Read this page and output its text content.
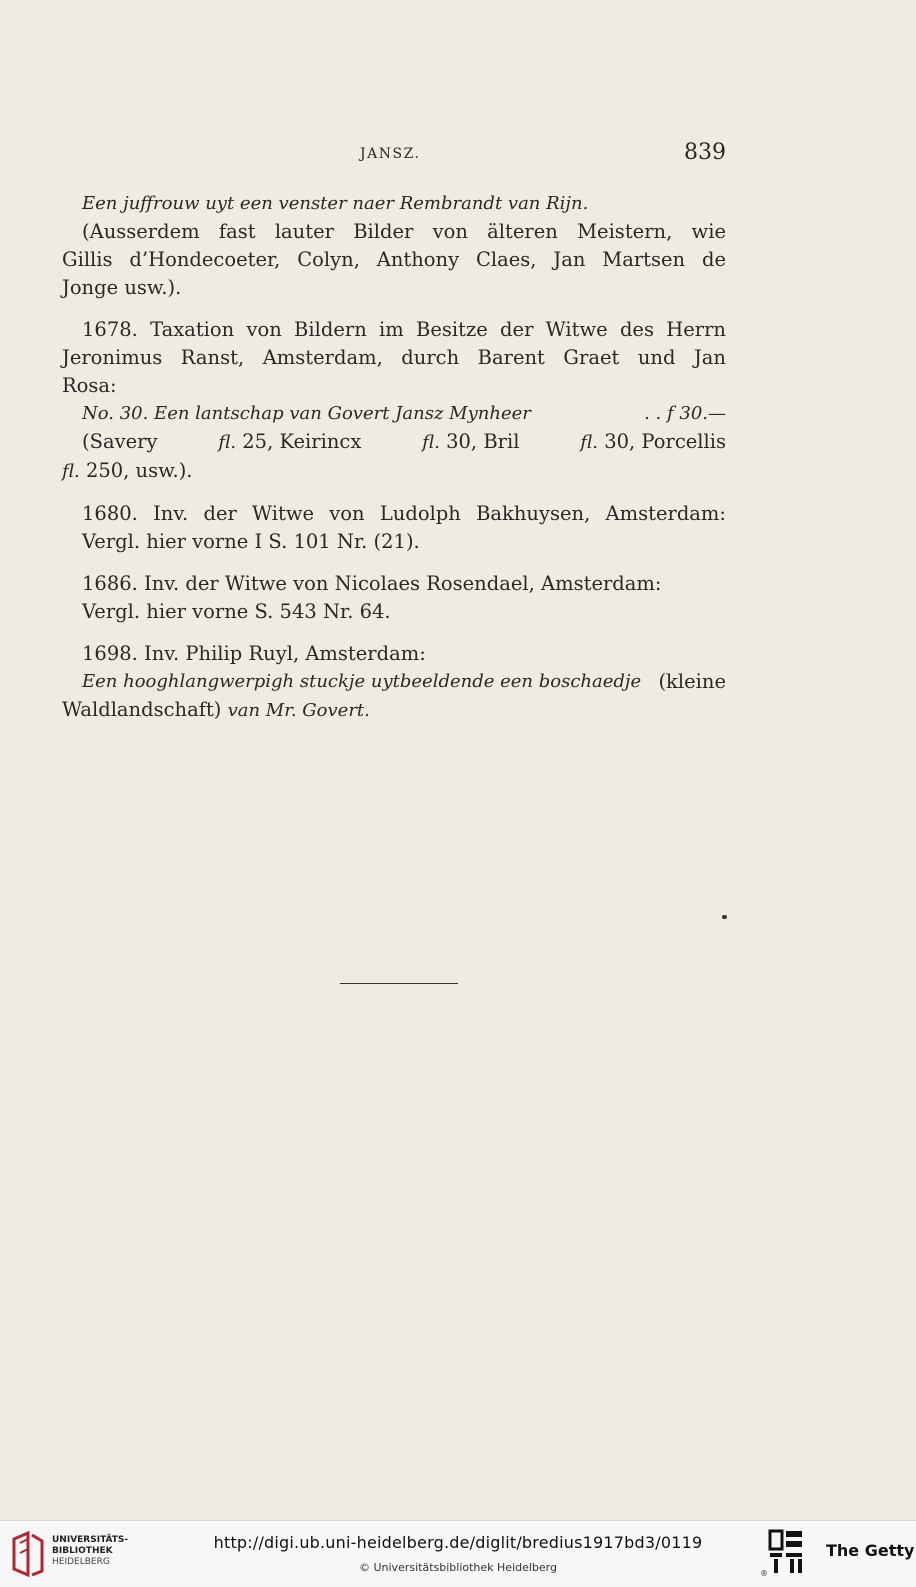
JANSZ.	839
Een juffrouw uyt een venster naer Rembrandt van Rijn.
(Ausserdem fast lauter Bilder von älteren Meistern, wie
Gillis d’Hondecoeter, Colyn, Anthony Claes, Jan Martsen de
Jonge usw.).
1678. Taxation von Bildern im Besitze der Witwe des Herrn
Jeronimus Ranst, Amsterdam, durch Barent Graet und Jan
Rosa:
No. 30. Een lantschap van Govert Jansz Mynheer	. . f 30.—
(Savery	fl. 25, Keirincx	fl. 30, Bril	fl. 30, Porcellis
fl. 250, usw.).
1680. Inv. der Witwe von Ludolph Bakhuysen, Amsterdam:
Vergl. hier vorne I S. 101 Nr. (21).
1686. Inv. der Witwe von Nicolaes Rosendael, Amsterdam:
Vergl. hier vorne S. 543 Nr. 64.
1698. Inv. Philip Ruyl, Amsterdam:
Een hooghlangwerpigh stuckje uytbeeldende een boschaedje (kleine
Waldlandschaft) van Mr. Govert.
UNIVERSITÄTS-
BIBLIOTHEK
HEIDELBERG
http://digi.ub.uni-heidelberg.de/diglit/bredius1917bd3/0119
© Universitätsbibliothek Heidelberg	®
The Getty
